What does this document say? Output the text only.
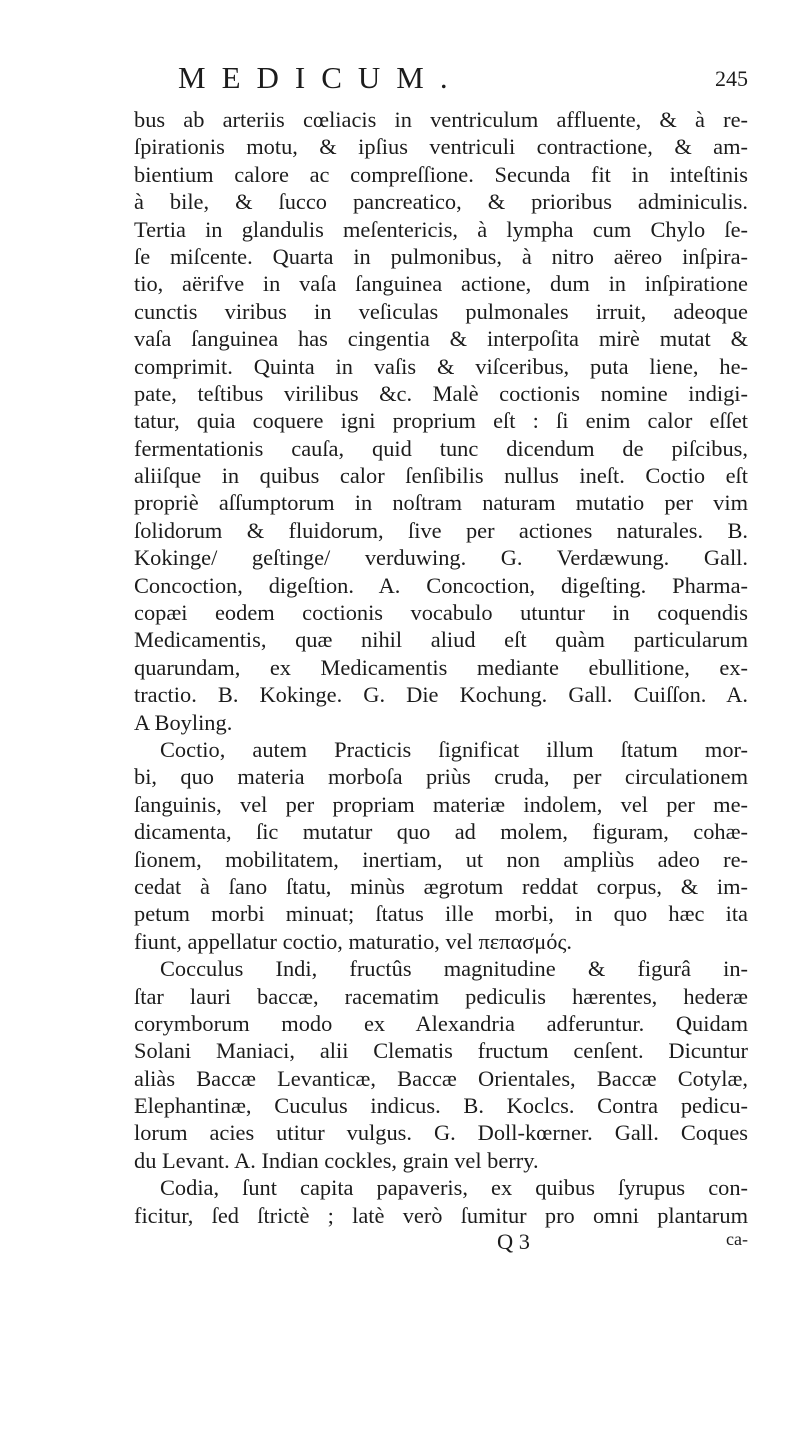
MEDICUM.	245
bus ab arteriis cœliacis in ventriculum affluente, & à re-
ſpirationis motu, & ipſius ventriculi contractione, & am-
bientium calore ac compreſſione. Secunda fit in inteſtinis
à bile, & ſucco pancreatico, & prioribus adminiculis.
Tertia in glandulis meſentericis, à lympha cum Chylo ſe-
ſe miſcente. Quarta in pulmonibus, à nitro aëreo inſpira-
tio, aërifve in vaſa ſanguinea actione, dum in inſpiratione
cunctis viribus in veſiculas pulmonales irruit, adeoque
vaſa ſanguinea has cingentia & interpoſita mirè mutat &
comprimit. Quinta in vaſis & viſceribus, puta liene, he-
pate, teſtibus virilibus &c. Malè coctionis nomine indigi-
tatur, quia coquere igni proprium eſt : ſi enim calor eſſet
fermentationis cauſa, quid tunc dicendum de piſcibus,
aliiſque in quibus calor ſenſibilis nullus ineſt. Coctio eſt
propriè aſſumptorum in noſtram naturam mutatio per vim
ſolidorum & fluidorum, ſive per actiones naturales. B.
Kokinge/ geſtinge/ verduwing. G. Verdæwung. Gall.
Concoction, digeſtion. A. Concoction, digeſting. Pharma-
copæi eodem coctionis vocabulo utuntur in coquendis
Medicamentis, quæ nihil aliud eſt quàm particularum
quarundam, ex Medicamentis mediante ebullitione, ex-
tractio. B. Kokinge. G. Die Kochung. Gall. Cuiſſon. A.
A Boyling.
Coctio, autem Practicis ſignificat illum ſtatum mor-
bi, quo materia morboſa priùs cruda, per circulationem
ſanguinis, vel per propriam materiæ indolem, vel per me-
dicamenta, ſic mutatur quo ad molem, figuram, cohæ-
ſionem, mobilitatem, inertiam, ut non ampliùs adeo re-
cedat à ſano ſtatu, minùs ægrotum reddat corpus, & im-
petum morbi minuat; ſtatus ille morbi, in quo hæc ita
fiunt, appellatur coctio, maturatio, vel πεπασμός.
Cocculus Indi, fructûs magnitudine & figurâ in-
ſtar lauri baccæ, racematim pediculis hærentes, hederæ
corymborum modo ex Alexandria adferuntur. Quidam
Solani Maniaci, alii Clematis fructum cenſent. Dicuntur
aliàs Baccæ Levanticæ, Baccæ Orientales, Baccæ Cotylæ,
Elephantinæ, Cuculus indicus. B. Koclcs. Contra pedicu-
lorum acies utitur vulgus. G. Doll-kœrner. Gall. Coques
du Levant. A. Indian cockles, grain vel berry.
Codia, ſunt capita papaveris, ex quibus ſyrupus con-
ficitur, ſed ſtrictè ; latè verò ſumitur pro omni plantarum
Q 3	ca-
